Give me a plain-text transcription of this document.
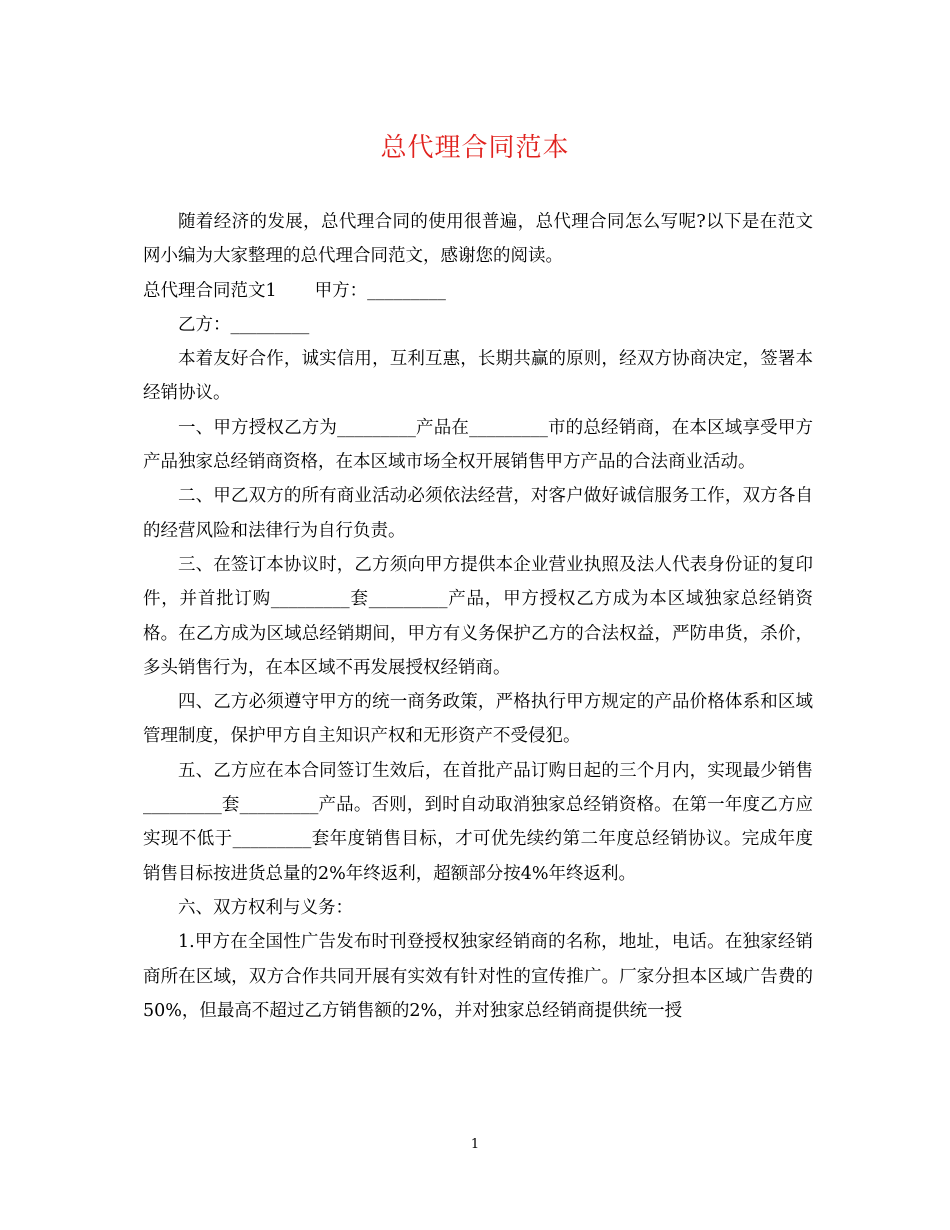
总代理合同范本

随着经济的发展，总代理合同的使用很普遍，总代理合同怎么写呢?以下是在范文网小编为大家整理的总代理合同范文，感谢您的阅读。

总代理合同范文1 甲方：_________

乙方：_________

本着友好合作，诚实信用，互利互惠，长期共赢的原则，经双方协商决定，签署本经销协议。

一、甲方授权乙方为_________产品在_________市的总经销商，在本区域享受甲方产品独家总经销商资格，在本区域市场全权开展销售甲方产品的合法商业活动。

二、甲乙双方的所有商业活动必须依法经营，对客户做好诚信服务工作，双方各自的经营风险和法律行为自行负责。

三、在签订本协议时，乙方须向甲方提供本企业营业执照及法人代表身份证的复印件，并首批订购_________套_________产品，甲方授权乙方成为本区域独家总经销资格。在乙方成为区域总经销期间，甲方有义务保护乙方的合法权益，严防串货，杀价，多头销售行为，在本区域不再发展授权经销商。

四、乙方必须遵守甲方的统一商务政策，严格执行甲方规定的产品价格体系和区域管理制度，保护甲方自主知识产权和无形资产不受侵犯。

五、乙方应在本合同签订生效后，在首批产品订购日起的三个月内，实现最少销售_________套_________产品。否则，到时自动取消独家总经销资格。在第一年度乙方应实现不低于_________套年度销售目标，才可优先续约第二年度总经销协议。完成年度销售目标按进货总量的2%年终返利，超额部分按4%年终返利。

六、双方权利与义务：

1.甲方在全国性广告发布时刊登授权独家经销商的名称，地址，电话。在独家经销商所在区域，双方合作共同开展有实效有针对性的宣传推广。厂家分担本区域广告费的50%，但最高不超过乙方销售额的2%，并对独家总经销商提供统一授

1
